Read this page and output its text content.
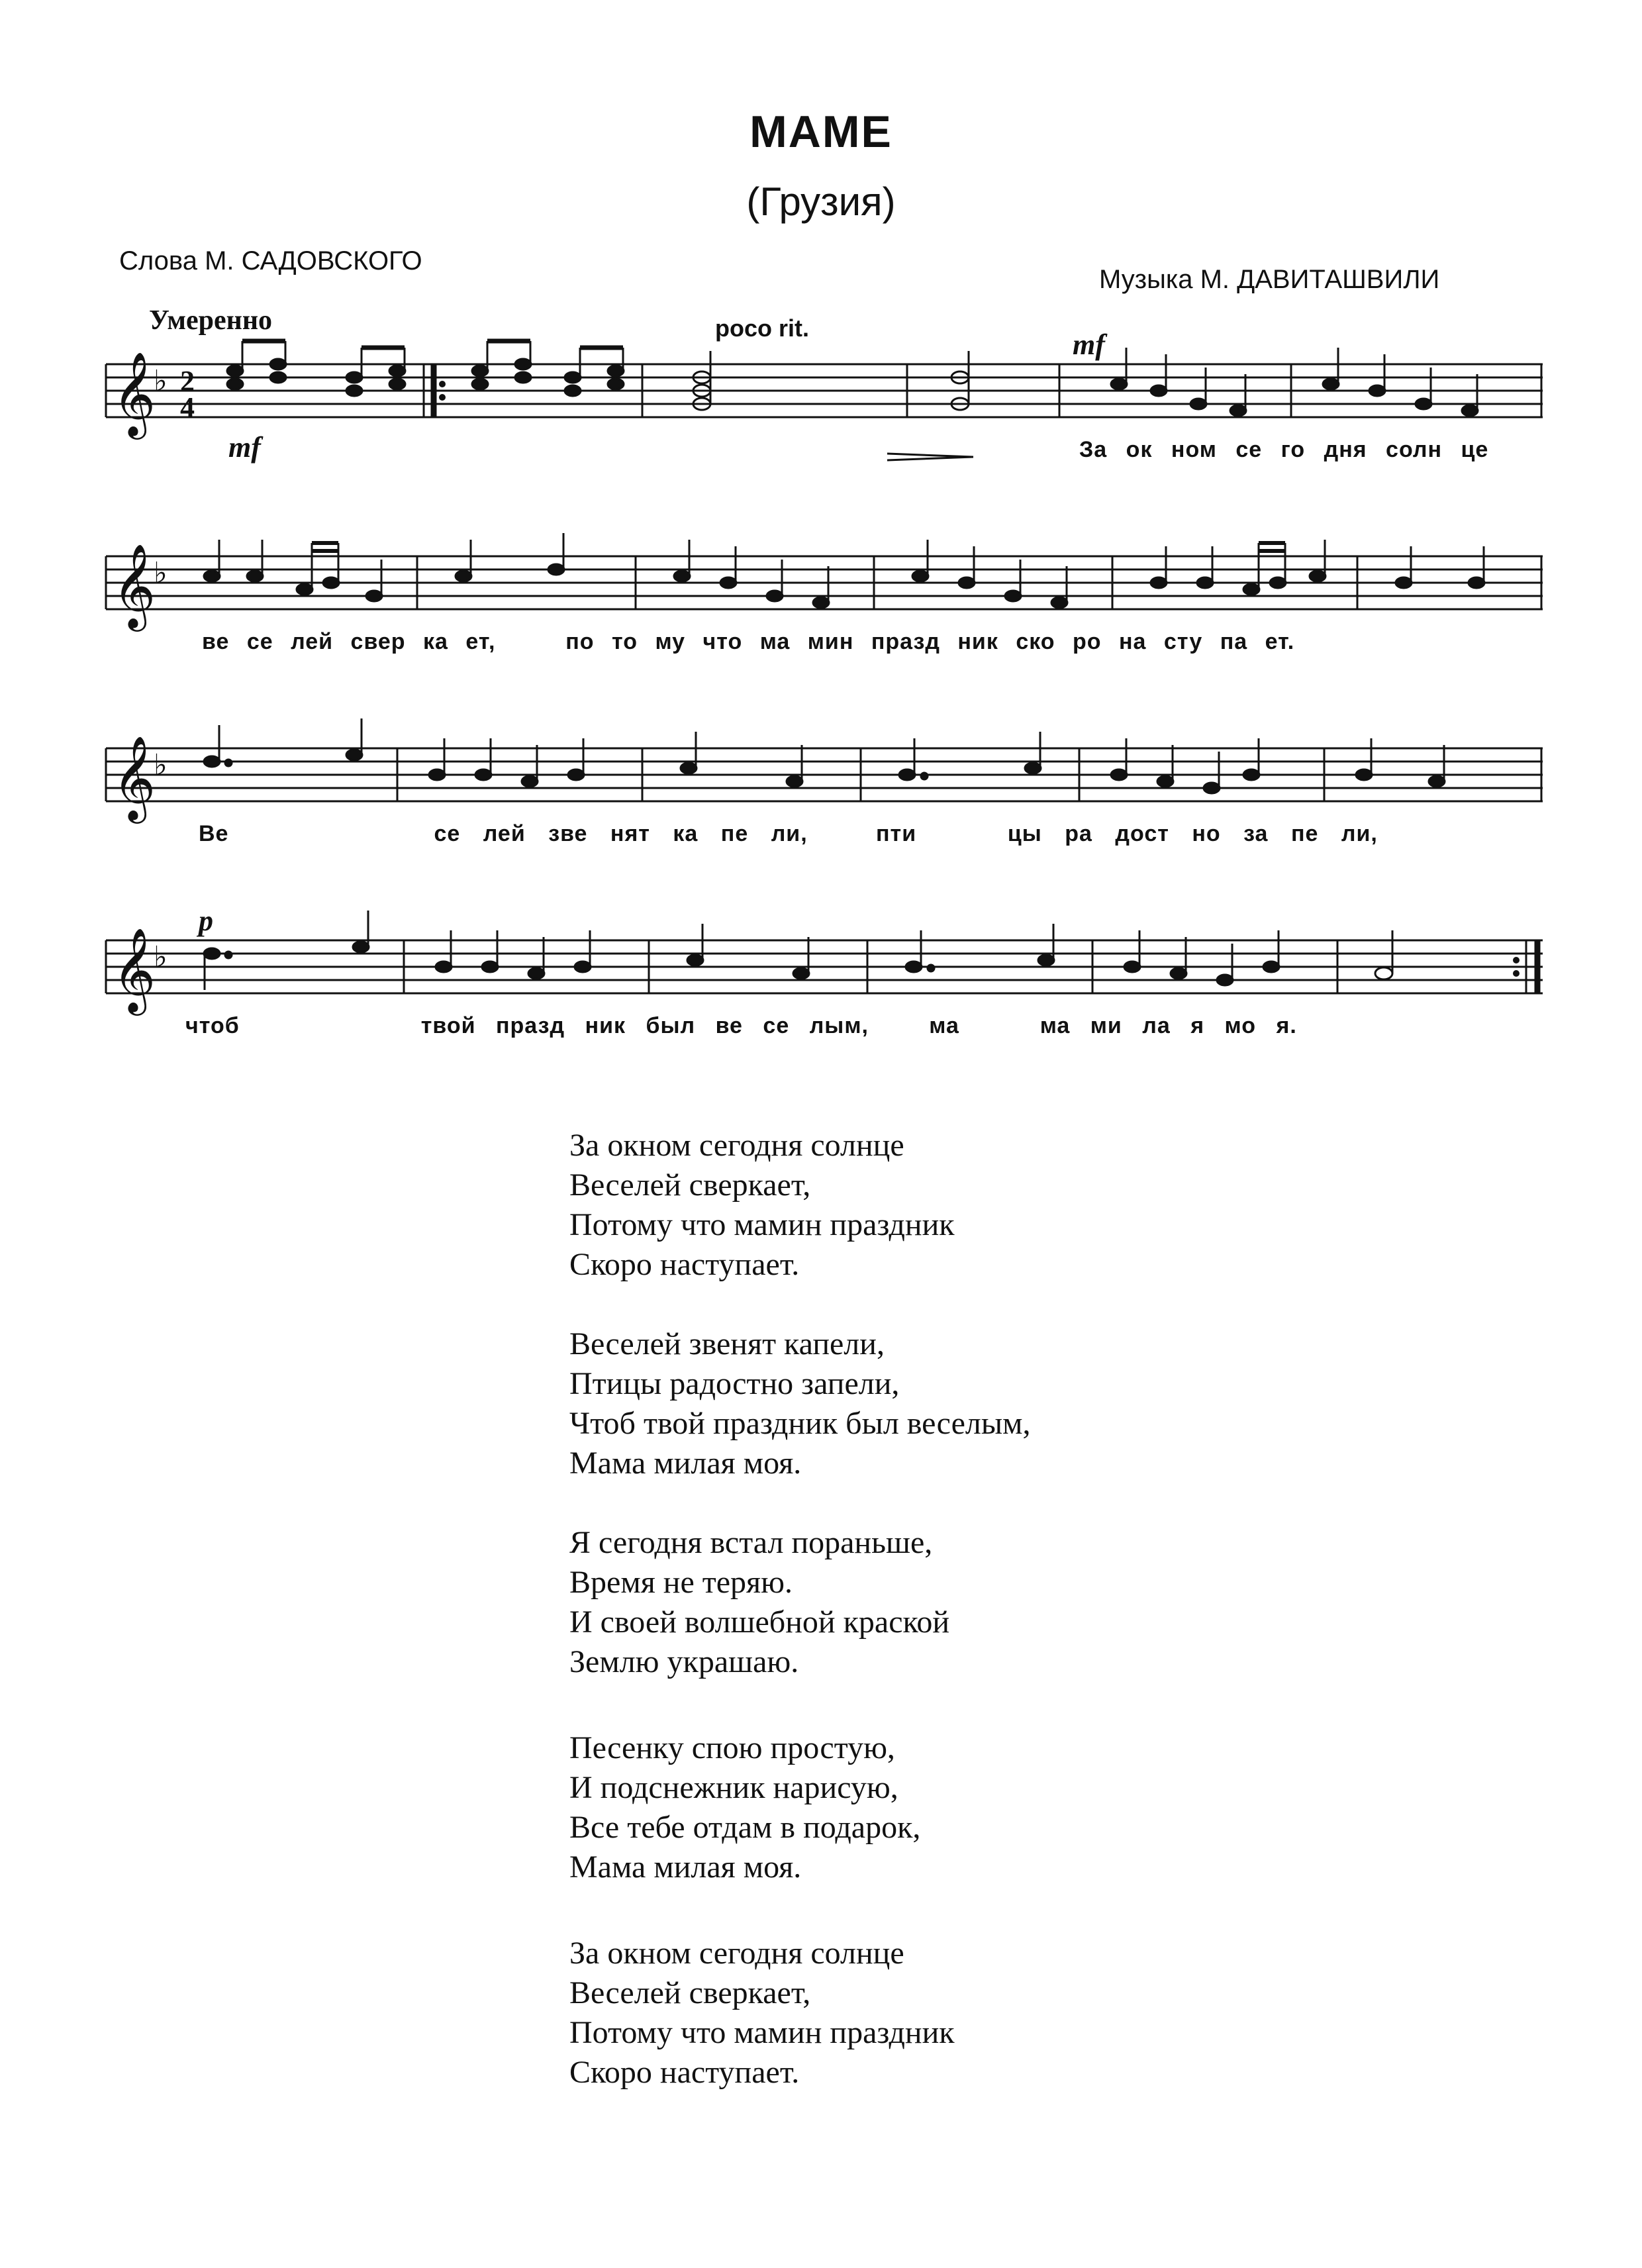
МАМЕ
(Грузия)
Слова М. САДОВСКОГО
Музыка М. ДАВИТАШВИЛИ
Умеренно	poco rit.
mf
mf
𝄞
♭ 2
4
За ок ном се го дня солн це
𝄞
♭
ве се лей свер ка ет,	по то му что ма мин празд ник ско ро на сту па ет.
𝄞
♭
Ве	се лей зве нят ка пе ли,	пти	цы ра дост но за пе ли,
p
𝄞
♭
чтоб	твой празд ник был ве се лым,	ма	ма ми ла я мо я.
За окном сегодня солнце
Веселей сверкает,
Потому что мамин праздник
Скоро наступает.
Веселей звенят капели,
Птицы радостно запели,
Чтоб твой праздник был веселым,
Мама милая моя.
Я сегодня встал пораньше,
Время не теряю.
И своей волшебной краской
Землю украшаю.
Песенку спою простую,
И подснежник нарисую,
Все тебе отдам в подарок,
Мама милая моя.
За окном сегодня солнце
Веселей сверкает,
Потому что мамин праздник
Скоро наступает.
